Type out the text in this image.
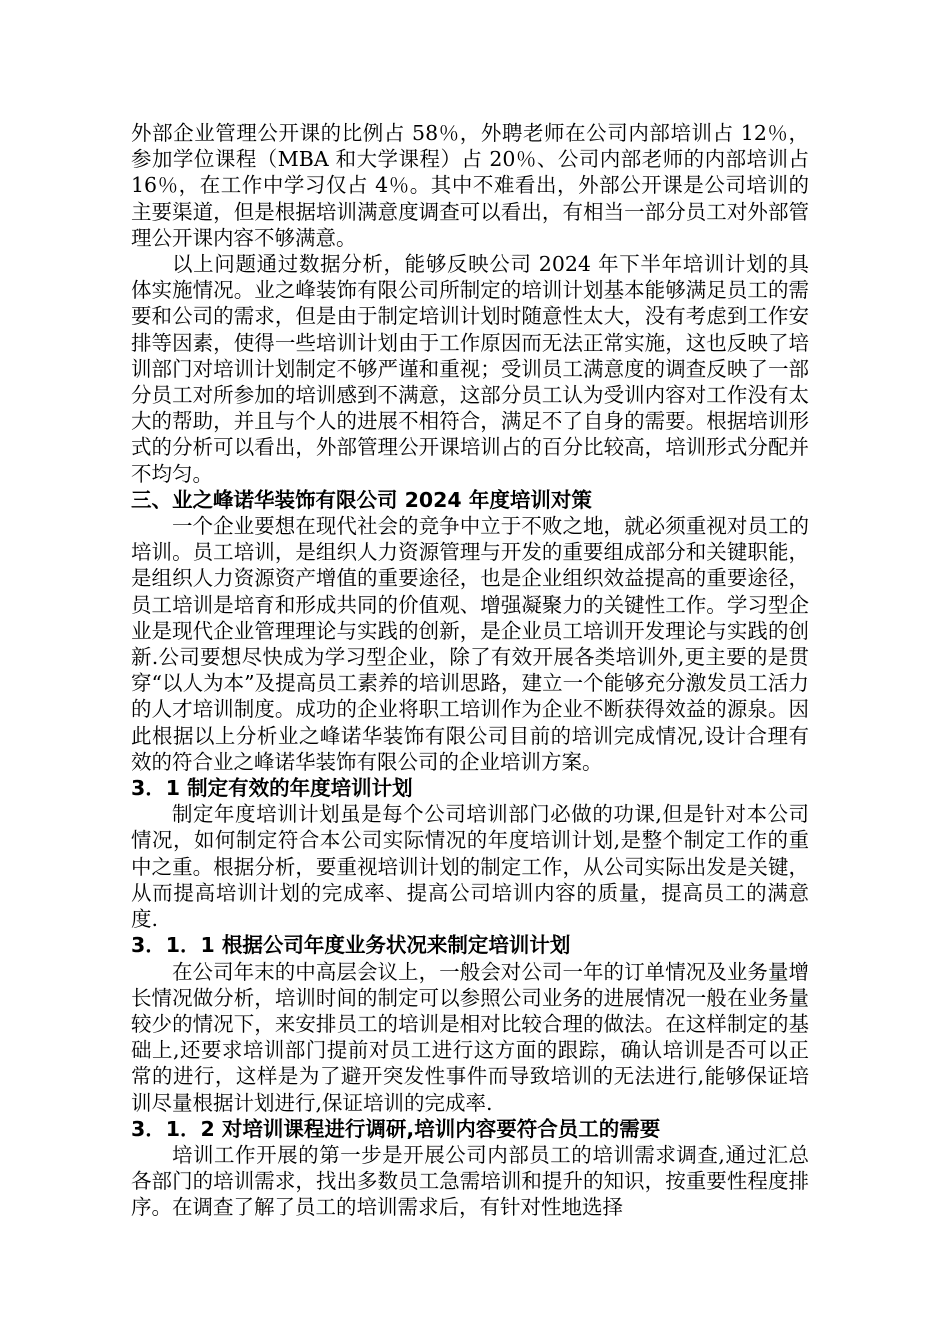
外部企业管理公开课的比例占 58％，外聘老师在公司内部培训占 12％，参加学位课程（MBA 和大学课程）占 20％、公司内部老师的内部培训占 16％，在工作中学习仅占 4％。其中不难看出，外部公开课是公司培训的主要渠道，但是根据培训满意度调查可以看出，有相当一部分员工对外部管理公开课内容不够满意。

以上问题通过数据分析，能够反映公司 2024 年下半年培训计划的具体实施情况。业之峰装饰有限公司所制定的培训计划基本能够满足员工的需要和公司的需求，但是由于制定培训计划时随意性太大，没有考虑到工作安排等因素，使得一些培训计划由于工作原因而无法正常实施，这也反映了培训部门对培训计划制定不够严谨和重视；受训员工满意度的调查反映了一部分员工对所参加的培训感到不满意，这部分员工认为受训内容对工作没有太大的帮助，并且与个人的进展不相符合，满足不了自身的需要。根据培训形式的分析可以看出，外部管理公开课培训占的百分比较高，培训形式分配并不均匀。

三、业之峰诺华装饰有限公司 2024 年度培训对策

一个企业要想在现代社会的竞争中立于不败之地，就必须重视对员工的培训。员工培训，是组织人力资源管理与开发的重要组成部分和关键职能，是组织人力资源资产增值的重要途径，也是企业组织效益提高的重要途径，员工培训是培育和形成共同的价值观、增强凝聚力的关键性工作。学习型企业是现代企业管理理论与实践的创新，是企业员工培训开发理论与实践的创新.公司要想尽快成为学习型企业，除了有效开展各类培训外,更主要的是贯穿“以人为本”及提高员工素养的培训思路，建立一个能够充分激发员工活力的人才培训制度。成功的企业将职工培训作为企业不断获得效益的源泉。因此根据以上分析业之峰诺华装饰有限公司目前的培训完成情况,设计合理有效的符合业之峰诺华装饰有限公司的企业培训方案。

3．1 制定有效的年度培训计划

制定年度培训计划虽是每个公司培训部门必做的功课,但是针对本公司情况，如何制定符合本公司实际情况的年度培训计划,是整个制定工作的重中之重。根据分析，要重视培训计划的制定工作，从公司实际出发是关键，从而提高培训计划的完成率、提高公司培训内容的质量，提高员工的满意度.

3．1．1 根据公司年度业务状况来制定培训计划

在公司年末的中高层会议上，一般会对公司一年的订单情况及业务量增长情况做分析，培训时间的制定可以参照公司业务的进展情况一般在业务量较少的情况下，来安排员工的培训是相对比较合理的做法。在这样制定的基础上,还要求培训部门提前对员工进行这方面的跟踪，确认培训是否可以正常的进行，这样是为了避开突发性事件而导致培训的无法进行,能够保证培训尽量根据计划进行,保证培训的完成率.

3．1．2 对培训课程进行调研,培训内容要符合员工的需要

培训工作开展的第一步是开展公司内部员工的培训需求调查,通过汇总各部门的培训需求，找出多数员工急需培训和提升的知识，按重要性程度排序。在调查了解了员工的培训需求后，有针对性地选择
